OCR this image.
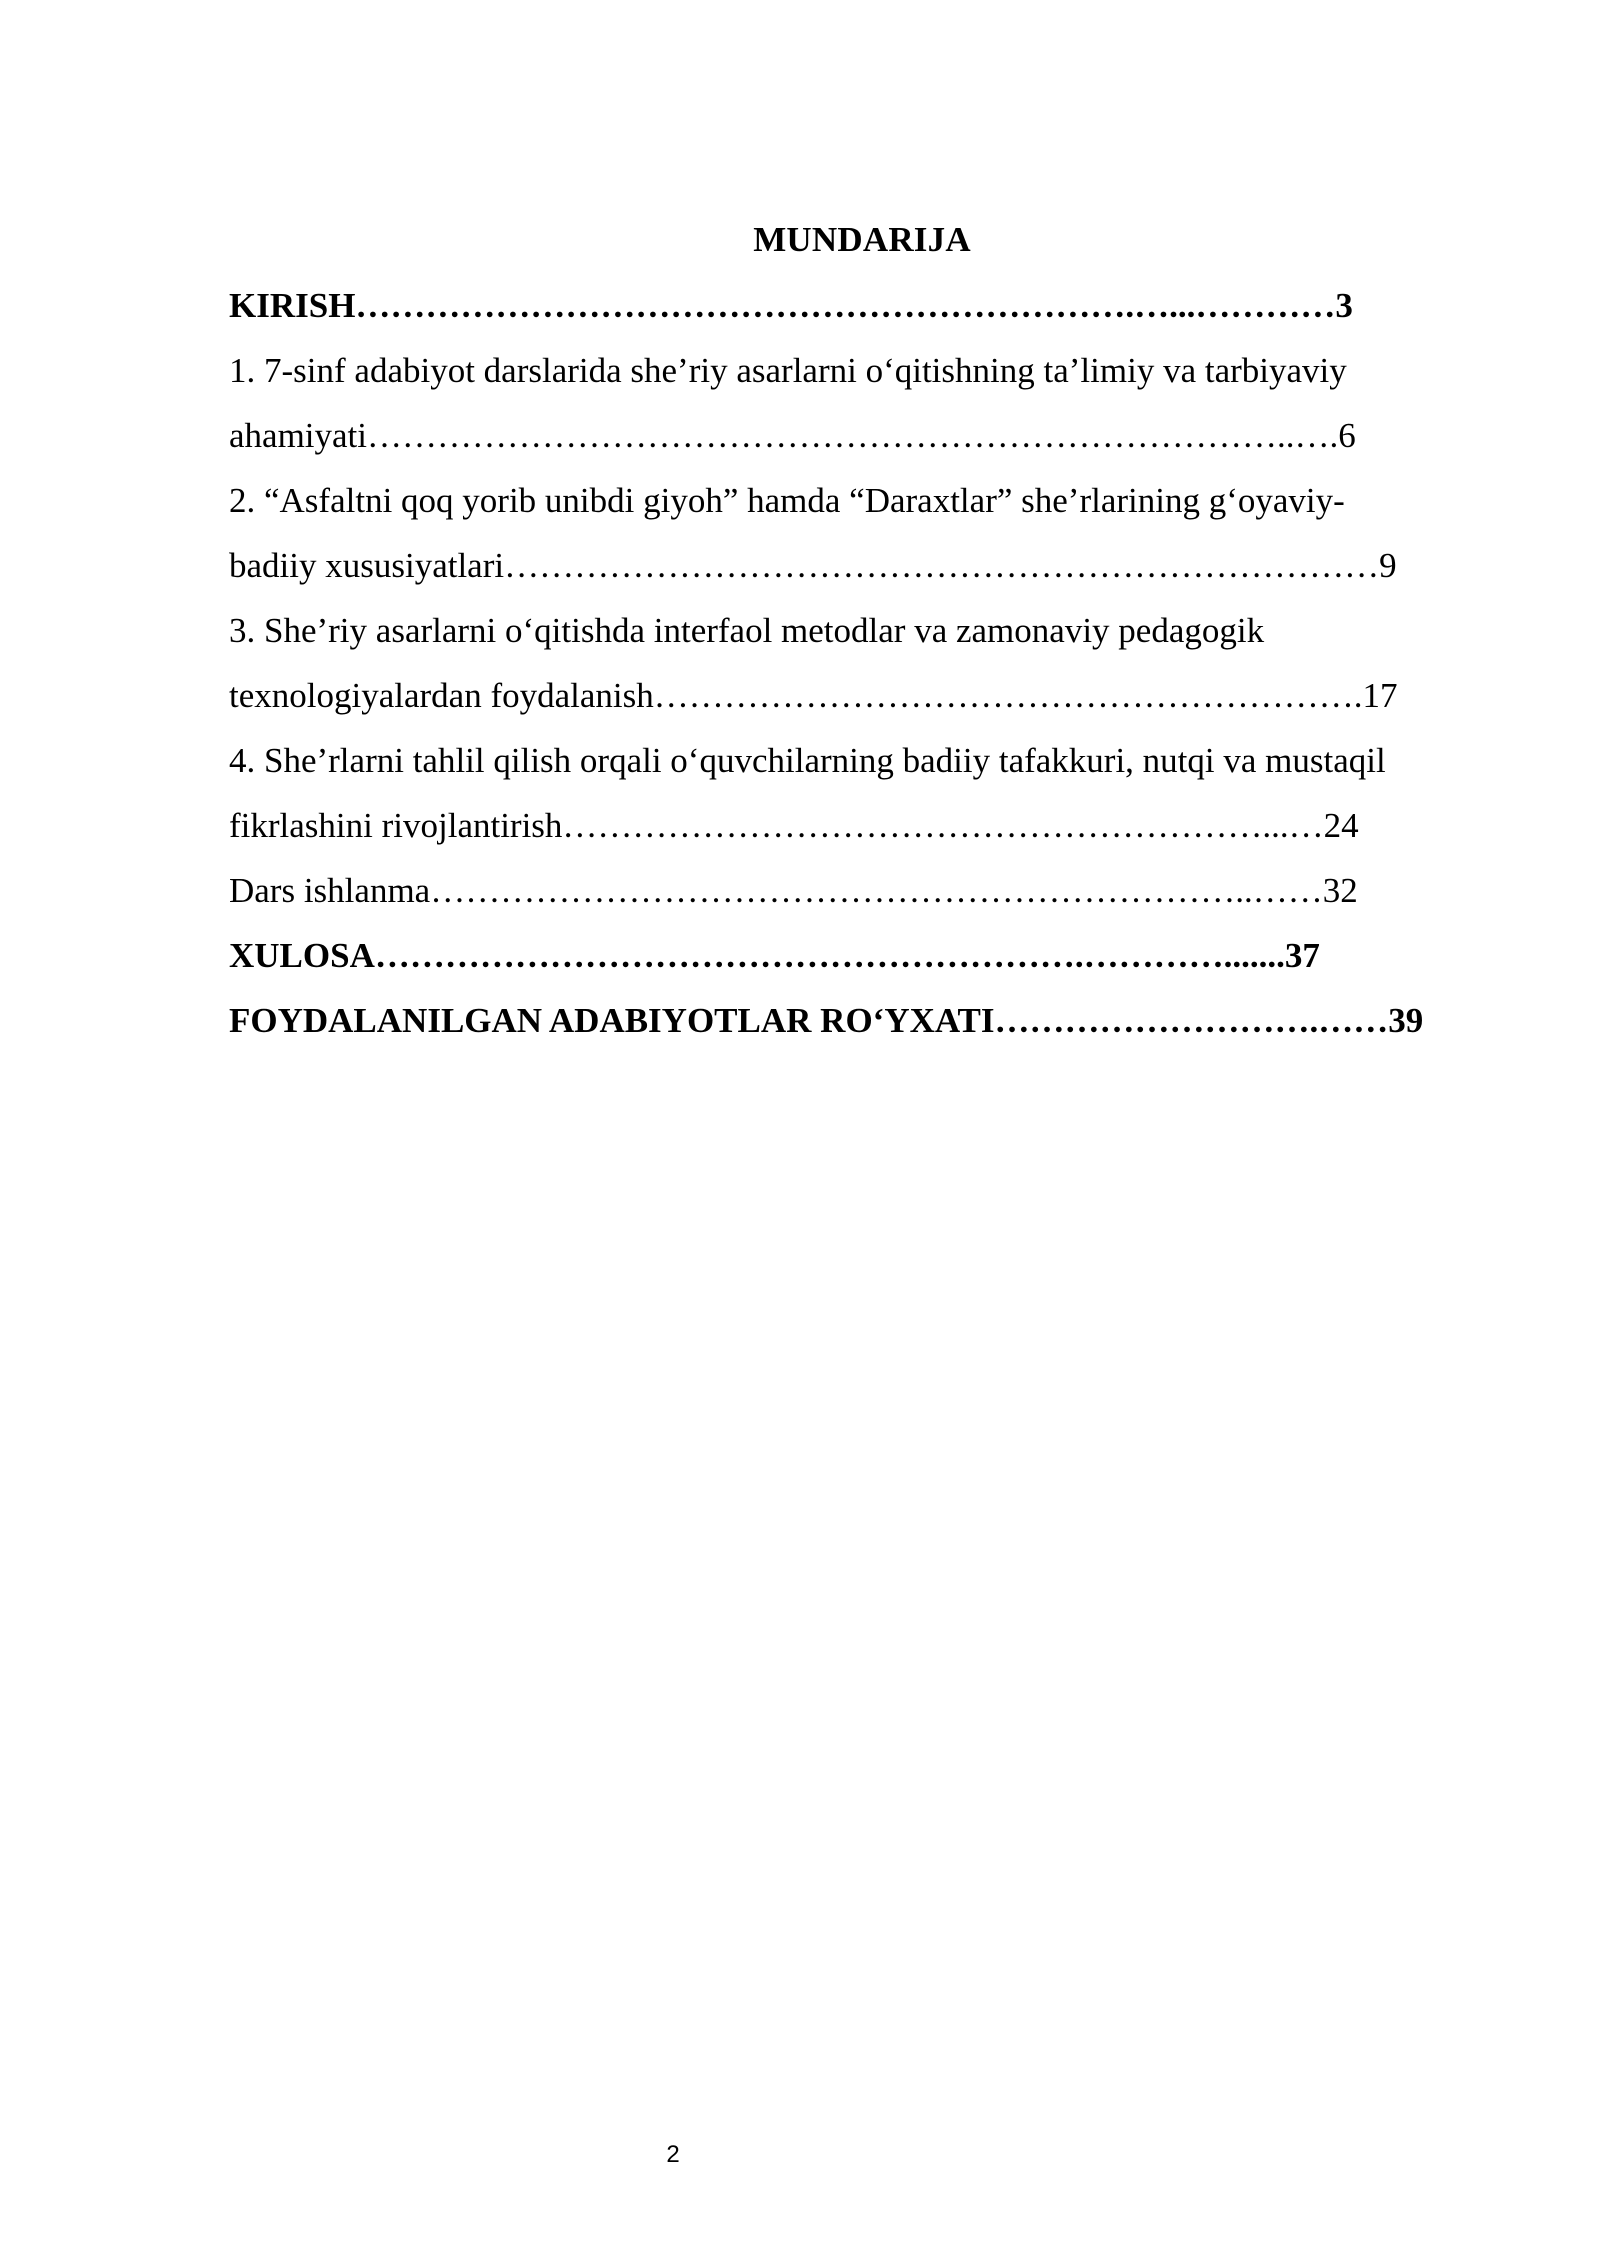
MUNDARIJA
KIRISH………………………………………………………….…...…………3
1. 7-sinf adabiyot darslarida she’riy asarlarni o‘qitishning ta’limiy va tarbiyaviy
ahamiyati……………………………………………………………………..….6
2. “Asfaltni qoq yorib unibdi giyoh” hamda “Daraxtlar” she’rlarining g‘oyaviy-
badiiy xususiyatlari…………………………………………………………………9
3. She’riy asarlarni o‘qitishda interfaol metodlar va zamonaviy pedagogik
texnologiyalardan foydalanish…………………………………………………….17
4. She’rlarni tahlil qilish orqali o‘quvchilarning badiiy tafakkuri, nutqi va mustaqil
fikrlashini rivojlantirish……………………………………………………...…24
Dars ishlanma……………………………………………………………..……32
XULOSA…………………………………………………….………….......37
FOYDALANILGAN ADABIYOTLAR RO‘YXATI……………………….……39
2
